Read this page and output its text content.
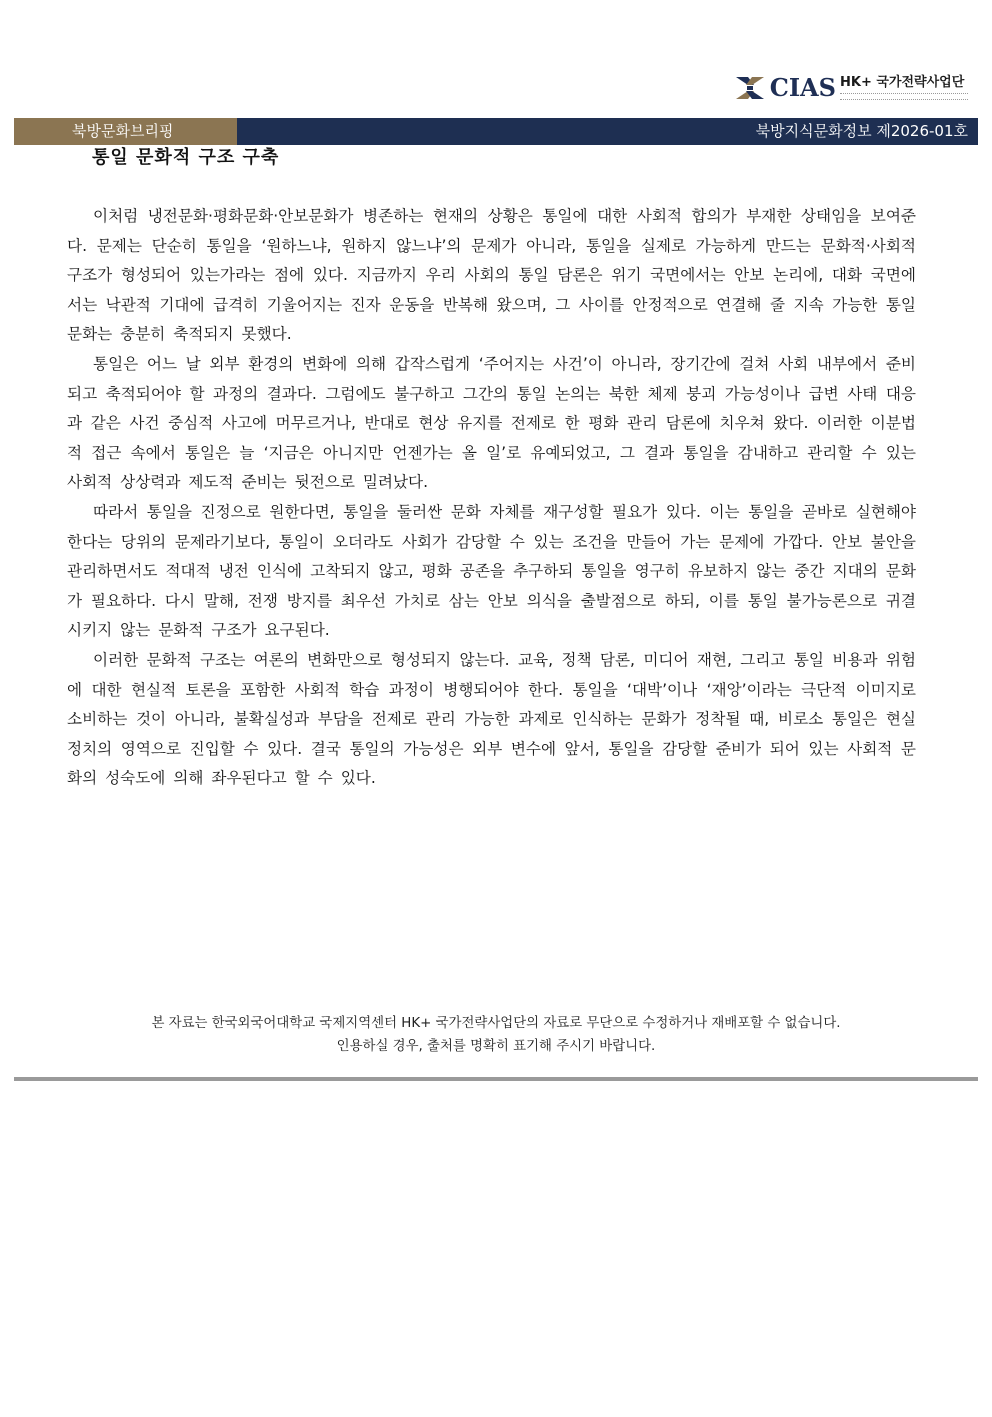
CIAS HK+ 국가전략사업단
북방문화브리핑	북방지식문화정보 제2026-01호
통일 문화적 구조 구축

이처럼 냉전문화·평화문화·안보문화가 병존하는 현재의 상황은 통일에 대한 사회적 합의가 부재한 상태임을 보여준다. 문제는 단순히 통일을 ‘원하느냐, 원하지 않느냐’의 문제가 아니라, 통일을 실제로 가능하게 만드는 문화적·사회적 구조가 형성되어 있는가라는 점에 있다. 지금까지 우리 사회의 통일 담론은 위기 국면에서는 안보 논리에, 대화 국면에서는 낙관적 기대에 급격히 기울어지는 진자 운동을 반복해 왔으며, 그 사이를 안정적으로 연결해 줄 지속 가능한 통일 문화는 충분히 축적되지 못했다.

통일은 어느 날 외부 환경의 변화에 의해 갑작스럽게 ‘주어지는 사건’이 아니라, 장기간에 걸쳐 사회 내부에서 준비되고 축적되어야 할 과정의 결과다. 그럼에도 불구하고 그간의 통일 논의는 북한 체제 붕괴 가능성이나 급변 사태 대응과 같은 사건 중심적 사고에 머무르거나, 반대로 현상 유지를 전제로 한 평화 관리 담론에 치우쳐 왔다. 이러한 이분법적 접근 속에서 통일은 늘 ‘지금은 아니지만 언젠가는 올 일’로 유예되었고, 그 결과 통일을 감내하고 관리할 수 있는 사회적 상상력과 제도적 준비는 뒷전으로 밀려났다.

따라서 통일을 진정으로 원한다면, 통일을 둘러싼 문화 자체를 재구성할 필요가 있다. 이는 통일을 곧바로 실현해야 한다는 당위의 문제라기보다, 통일이 오더라도 사회가 감당할 수 있는 조건을 만들어 가는 문제에 가깝다. 안보 불안을 관리하면서도 적대적 냉전 인식에 고착되지 않고, 평화 공존을 추구하되 통일을 영구히 유보하지 않는 중간 지대의 문화가 필요하다. 다시 말해, 전쟁 방지를 최우선 가치로 삼는 안보 의식을 출발점으로 하되, 이를 통일 불가능론으로 귀결시키지 않는 문화적 구조가 요구된다.

이러한 문화적 구조는 여론의 변화만으로 형성되지 않는다. 교육, 정책 담론, 미디어 재현, 그리고 통일 비용과 위험에 대한 현실적 토론을 포함한 사회적 학습 과정이 병행되어야 한다. 통일을 ‘대박’이나 ‘재앙’이라는 극단적 이미지로 소비하는 것이 아니라, 불확실성과 부담을 전제로 관리 가능한 과제로 인식하는 문화가 정착될 때, 비로소 통일은 현실 정치의 영역으로 진입할 수 있다. 결국 통일의 가능성은 외부 변수에 앞서, 통일을 감당할 준비가 되어 있는 사회적 문화의 성숙도에 의해 좌우된다고 할 수 있다.

본 자료는 한국외국어대학교 국제지역센터 HK+ 국가전략사업단의 자료로 무단으로 수정하거나 재배포할 수 없습니다.
인용하실 경우, 출처를 명확히 표기해 주시기 바랍니다.
